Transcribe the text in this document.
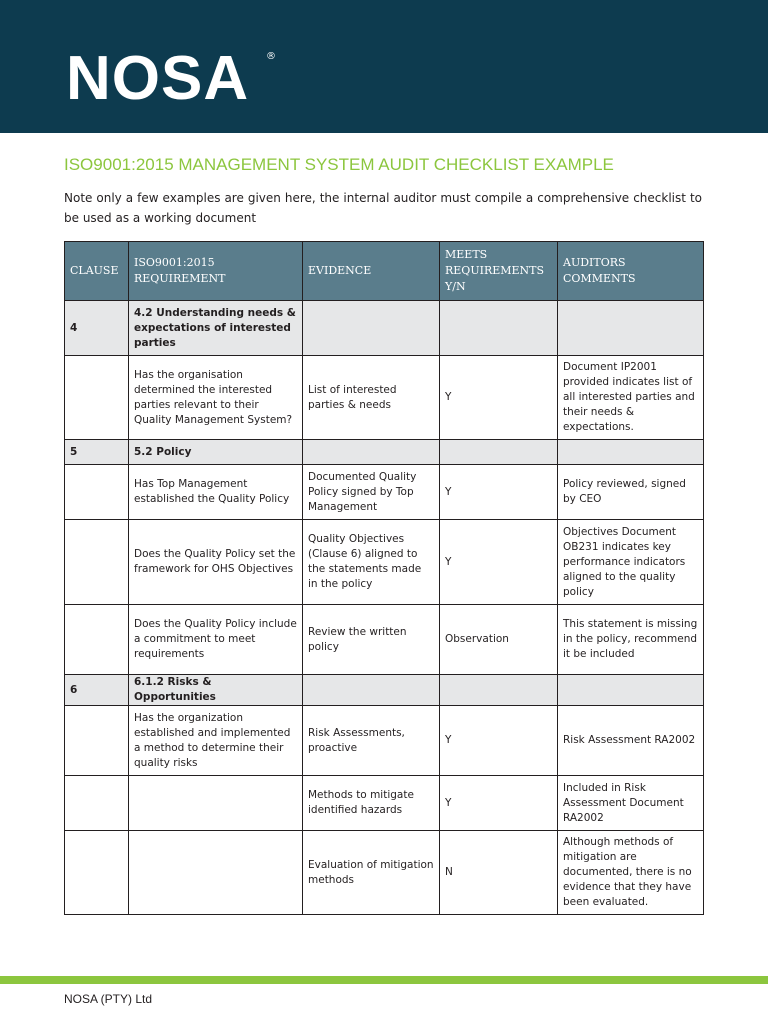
NOSA ®
ISO9001:2015 MANAGEMENT SYSTEM AUDIT CHECKLIST EXAMPLE
Note only a few examples are given here, the internal auditor must compile a comprehensive checklist to be used as a working document
CLAUSE	ISO9001:2015 REQUIREMENT	EVIDENCE	MEETS REQUIREMENTS Y/N	AUDITORS COMMENTS
4	4.2 Understanding needs & expectations of interested parties			
	Has the organisation determined the interested parties relevant to their Quality Management System?	List of interested parties & needs	Y	Document IP2001 provided indicates list of all interested parties and their needs & expectations.
5	5.2 Policy			
	Has Top Management established the Quality Policy	Documented Quality Policy signed by Top Management	Y	Policy reviewed, signed by CEO
	Does the Quality Policy set the framework for OHS Objectives	Quality Objectives (Clause 6) aligned to the statements made in the policy	Y	Objectives Document OB231 indicates key performance indicators aligned to the quality policy
	Does the Quality Policy include a commitment to meet requirements	Review the written policy	Observation	This statement is missing in the policy, recommend it be included
6	6.1.2 Risks & Opportunities			
	Has the organization established and implemented a method to determine their quality risks	Risk Assessments, proactive	Y	Risk Assessment RA2002
		Methods to mitigate identified hazards	Y	Included in Risk Assessment Document RA2002
		Evaluation of mitigation methods	N	Although methods of mitigation are documented, there is no evidence that they have been evaluated.
NOSA (PTY) Ltd
